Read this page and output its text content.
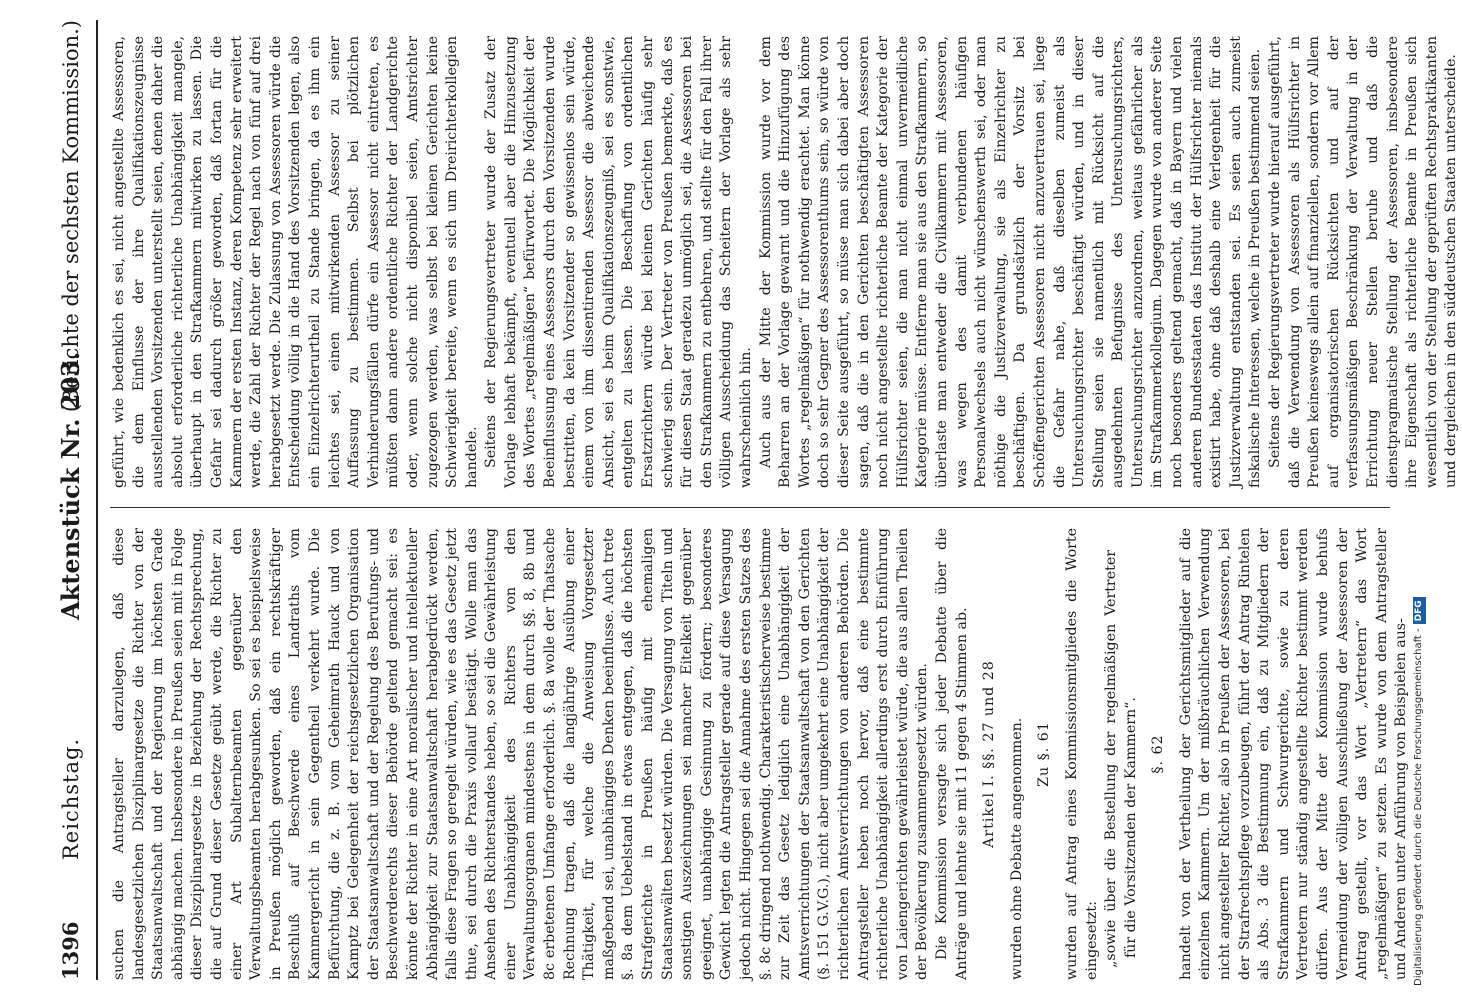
1396
Reichstag.
Aktenstück Nr. 203.
(Berichte der sechsten Kommission.)

suchen die Antragsteller darzulegen, daß diese landesgesetzlichen Disziplinargesetze die Richter von der Staatsanwaltschaft und der Regierung im höchsten Grade abhängig machen. Insbesondere in Preußen seien mit in Folge dieser Disziplinargesetze in Beziehung der Rechtsprechung, die auf Grund dieser Gesetze geübt werde, die Richter zu einer Art Subalternbeamten gegenüber den Verwaltungsbeamten herabgesunken. So sei es beispielsweise in Preußen möglich geworden, daß ein rechtskräftiger Beschluß auf Beschwerde eines Landraths vom Kammergericht in sein Gegentheil verkehrt wurde. Die Befürchtung, die z. B. vom Geheimrath Hauck und von Kamptz bei Gelegenheit der reichsgesetzlichen Organisation der Staatsanwaltschaft und der Regelung des Berufungs- und Beschwerderechts dieser Behörde geltend gemacht sei: es könnte der Richter in eine Art moralischer und intellektueller Abhängigkeit zur Staatsanwaltschaft herabgedrückt werden, falls diese Fragen so geregelt würden, wie es das Gesetz jetzt thue, sei durch die Praxis vollauf bestätigt. Wolle man das Ansehen des Richterstandes heben, so sei die Gewährleistung einer Unabhängigkeit des Richters von den Verwaltungsorganen mindestens in dem durch §§. 8, 8b und 8c erbetenen Umfange erforderlich. §. 8a wolle der Thatsache Rechnung tragen, daß die langjährige Ausübung einer Thätigkeit, für welche die Anweisung Vorgesetzter maßgebend sei, unabhängiges Denken beeinflusse. Auch trete §. 8a dem Uebelstand in etwas entgegen, daß die höchsten Strafgerichte in Preußen häufig mit ehemaligen Staatsanwälten besetzt würden. Die Versagung von Titeln und sonstigen Auszeichnungen sei mancher Eitelkeit gegenüber geeignet, unabhängige Gesinnung zu fördern; besonderes Gewicht legten die Antragsteller gerade auf diese Versagung jedoch nicht. Hingegen sei die Annahme des ersten Satzes des §. 8c dringend nothwendig. Charakteristischerweise bestimme zur Zeit das Gesetz lediglich eine Unabhängigkeit der Amtsverrichtungen der Staatsanwaltschaft von den Gerichten (§. 151 G.V.G.), nicht aber umgekehrt eine Unabhängigkeit der richterlichen Amtsverrichtungen von anderen Behörden. Die Antragsteller heben noch hervor, daß eine bestimmte richterliche Unabhängigkeit allerdings erst durch Einführung von Laiengerichten gewährleistet würde, die aus allen Theilen der Bevölkerung zusammengesetzt würden. Die Kommission versagte sich jeder Debatte über die Anträge und lehnte sie mit 11 gegen 4 Stimmen ab. Artikel I. §§. 27 und 28 wurden ohne Debatte angenommen. Zu §. 61 wurden auf Antrag eines Kommissionsmitgliedes die Worte eingesetzt: „sowie über die Bestellung der regelmäßigen Vertreter für die Vorsitzenden der Kammern“. §. 62 handelt von der Vertheilung der Gerichtsmitglieder auf die einzelnen Kammern. Um der mißbräuchlichen Verwendung nicht angestellter Richter, also in Preußen der Assessoren, bei der Strafrechtspflege vorzubeugen, führt der Antrag Rintelen als Abs. 3 die Bestimmung ein, daß zu Mitgliedern der Strafkammern und Schwurgerichte, sowie zu deren Vertretern nur ständig angestellte Richter bestimmt werden dürfen. Aus der Mitte der Kommission wurde behufs Vermeidung der völligen Ausschließung der Assessoren der Antrag gestellt, vor das Wort „Vertretern“ das Wort „regelmäßigen“ zu setzen. Es wurde von dem Antragsteller und Anderen unter Anführung von Beispielen aus-

geführt, wie bedenklich es sei, nicht angestellte Assessoren, die dem Einflusse der ihre Qualifikationszeugnisse ausstellenden Vorsitzenden unterstellt seien, denen daher die absolut erforderliche richterliche Unabhängigkeit mangele, überhaupt in den Strafkammern mitwirken zu lassen. Die Gefahr sei dadurch größer geworden, daß fortan für die Kammern der ersten Instanz, deren Kompetenz sehr erweitert werde, die Zahl der Richter der Regel nach von fünf auf drei herabgesetzt werde. Die Zulassung von Assessoren würde die Entscheidung völlig in die Hand des Vorsitzenden legen, also ein Einzelrichterurtheil zu Stande bringen, da es ihm ein leichtes sei, einen mitwirkenden Assessor zu seiner Auffassung zu bestimmen. Selbst bei plötzlichen Verhinderungsfällen dürfe ein Assessor nicht eintreten, es müßten dann andere ordentliche Richter der Landgerichte oder, wenn solche nicht disponibel seien, Amtsrichter zugezogen werden, was selbst bei kleinen Gerichten keine Schwierigkeit bereite, wenn es sich um Dreirichterkollegien handele. Seitens der Regierungsvertreter wurde der Zusatz der Vorlage lebhaft bekämpft, eventuell aber die Hinzusetzung des Wortes „regelmäßigen“ befürwortet. Die Möglichkeit der Beeinflussung eines Assessors durch den Vorsitzenden wurde bestritten, da kein Vorsitzender so gewissenlos sein würde, einem von ihm dissentirenden Assessor die abweichende Ansicht, sei es beim Qualifikationszeugniß, sei es sonstwie, entgelten zu lassen. Die Beschaffung von ordentlichen Ersatzrichtern würde bei kleinen Gerichten häufig sehr schwierig sein. Der Vertreter von Preußen bemerkte, daß es für diesen Staat geradezu unmöglich sei, die Assessoren bei den Strafkammern zu entbehren, und stellte für den Fall ihrer völligen Ausscheidung das Scheitern der Vorlage als sehr wahrscheinlich hin. Auch aus der Mitte der Kommission wurde vor dem Beharren an der Vorlage gewarnt und die Hinzufügung des Wortes „regelmäßigen“ für nothwendig erachtet. Man könne doch so sehr Gegner des Assessorenthums sein, so würde von dieser Seite ausgeführt, so müsse man sich dabei aber doch sagen, daß die in den Gerichten beschäftigten Assessoren noch nicht angestellte richterliche Beamte der Kategorie der Hülfsrichter seien, die man nicht einmal unvermeidliche Kategorie müsse. Entferne man sie aus den Strafkammern, so überlaste man entweder die Civilkammern mit Assessoren, was wegen des damit verbundenen häufigen Personalwechsels auch nicht wünschenswerth sei, oder man nöthige die Justizverwaltung, sie als Einzelrichter zu beschäftigen. Da grundsätzlich der Vorsitz bei Schöffengerichten Assessoren nicht anzuvertrauen sei, liege die Gefahr nahe, daß dieselben zumeist als Untersuchungsrichter beschäftigt würden, und in dieser Stellung seien sie namentlich mit Rücksicht auf die ausgedehnten Befugnisse des Untersuchungsrichters, Untersuchungsrichter anzuordnen, weitaus gefährlicher als im Strafkammerkollegium. Dagegen wurde von anderer Seite noch besonders geltend gemacht, daß in Bayern und vielen anderen Bundesstaaten das Institut der Hülfsrichter niemals existirt habe, ohne daß deshalb eine Verlegenheit für die Justizverwaltung entstanden sei. Es seien auch zumeist fiskalische Interessen, welche in Preußen bestimmend seien. Seitens der Regierungsvertreter wurde hierauf ausgeführt, daß die Verwendung von Assessoren als Hülfsrichter in Preußen keineswegs allein auf finanziellen, sondern vor Allem auf organisatorischen Rücksichten und auf der verfassungsmäßigen Beschränkung der Verwaltung in der Errichtung neuer Stellen beruhe und daß die dienstpragmatische Stellung der Assessoren, insbesondere ihre Eigenschaft als richterliche Beamte in Preußen sich wesentlich von der Stellung der geprüften Rechtspraktikanten und dergleichen in den süddeutschen Staaten unterscheide.

Digitalisierung gefördert durch die Deutsche Forschungsgemeinschaft -DFG
